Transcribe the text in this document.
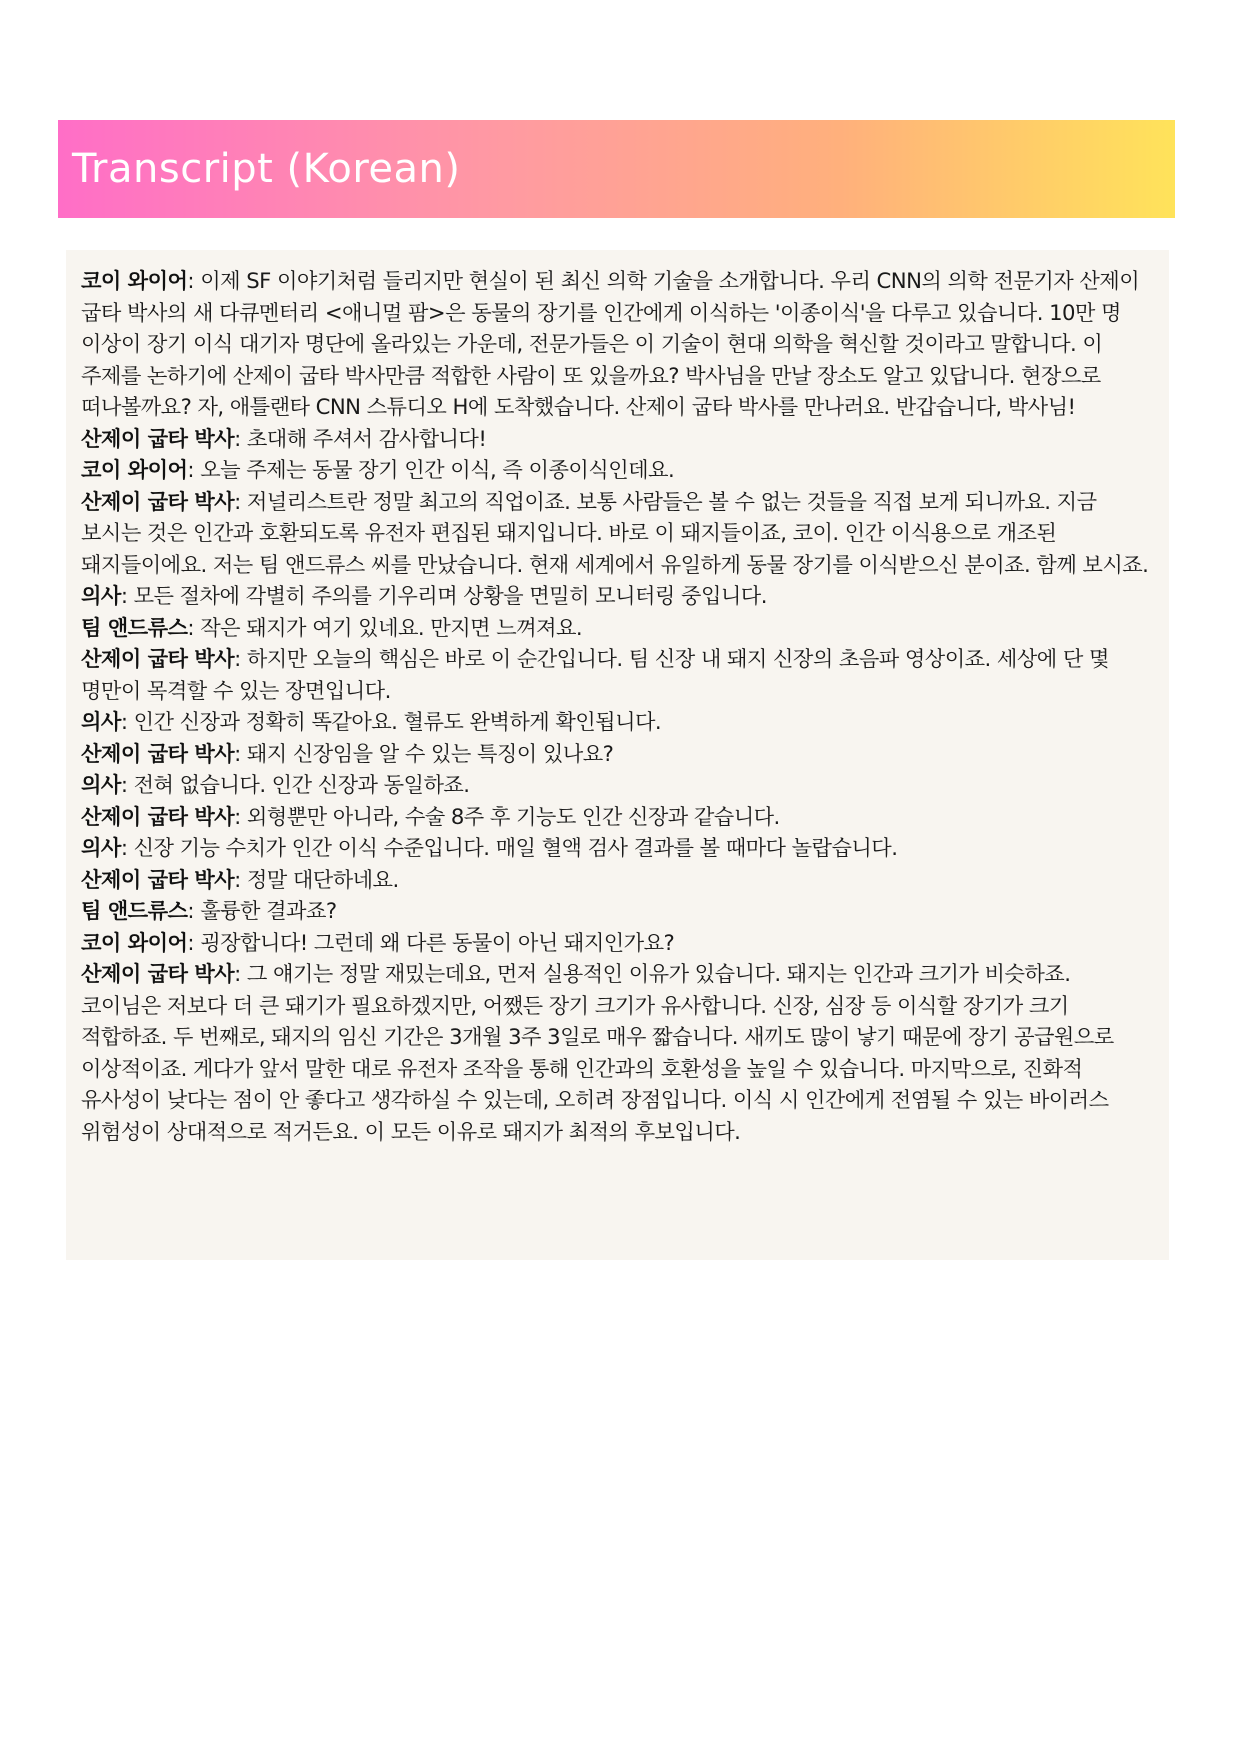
Transcript (Korean)

코이 와이어: 이제 SF 이야기처럼 들리지만 현실이 된 최신 의학 기술을 소개합니다. 우리 CNN의 의학 전문기자 산제이 굽타 박사의 새 다큐멘터리 <애니멀 팜>은 동물의 장기를 인간에게 이식하는 '이종이식'을 다루고 있습니다. 10만 명 이상이 장기 이식 대기자 명단에 올라있는 가운데, 전문가들은 이 기술이 현대 의학을 혁신할 것이라고 말합니다. 이 주제를 논하기에 산제이 굽타 박사만큼 적합한 사람이 또 있을까요? 박사님을 만날 장소도 알고 있답니다. 현장으로 떠나볼까요? 자, 애틀랜타 CNN 스튜디오 H에 도착했습니다. 산제이 굽타 박사를 만나러요. 반갑습니다, 박사님!

산제이 굽타 박사: 초대해 주셔서 감사합니다!

코이 와이어: 오늘 주제는 동물 장기 인간 이식, 즉 이종이식인데요.

산제이 굽타 박사: 저널리스트란 정말 최고의 직업이죠. 보통 사람들은 볼 수 없는 것들을 직접 보게 되니까요. 지금 보시는 것은 인간과 호환되도록 유전자 편집된 돼지입니다. 바로 이 돼지들이죠, 코이. 인간 이식용으로 개조된 돼지들이에요. 저는 팀 앤드류스 씨를 만났습니다. 현재 세계에서 유일하게 동물 장기를 이식받으신 분이죠. 함께 보시죠.

의사: 모든 절차에 각별히 주의를 기우리며 상황을 면밀히 모니터링 중입니다.

팀 앤드류스: 작은 돼지가 여기 있네요. 만지면 느껴져요.

산제이 굽타 박사: 하지만 오늘의 핵심은 바로 이 순간입니다. 팀 신장 내 돼지 신장의 초음파 영상이죠. 세상에 단 몇 명만이 목격할 수 있는 장면입니다.

의사: 인간 신장과 정확히 똑같아요. 혈류도 완벽하게 확인됩니다.

산제이 굽타 박사: 돼지 신장임을 알 수 있는 특징이 있나요?

의사: 전혀 없습니다. 인간 신장과 동일하죠.

산제이 굽타 박사: 외형뿐만 아니라, 수술 8주 후 기능도 인간 신장과 같습니다.

의사: 신장 기능 수치가 인간 이식 수준입니다. 매일 혈액 검사 결과를 볼 때마다 놀랍습니다.

산제이 굽타 박사: 정말 대단하네요.

팀 앤드류스: 훌륭한 결과죠?

코이 와이어: 굉장합니다! 그런데 왜 다른 동물이 아닌 돼지인가요?

산제이 굽타 박사: 그 얘기는 정말 재밌는데요, 먼저 실용적인 이유가 있습니다. 돼지는 인간과 크기가 비슷하죠. 코이님은 저보다 더 큰 돼기가 필요하겠지만, 어쨌든 장기 크기가 유사합니다. 신장, 심장 등 이식할 장기가 크기 적합하죠. 두 번째로, 돼지의 임신 기간은 3개월 3주 3일로 매우 짧습니다. 새끼도 많이 낳기 때문에 장기 공급원으로 이상적이죠. 게다가 앞서 말한 대로 유전자 조작을 통해 인간과의 호환성을 높일 수 있습니다. 마지막으로, 진화적 유사성이 낮다는 점이 안 좋다고 생각하실 수 있는데, 오히려 장점입니다. 이식 시 인간에게 전염될 수 있는 바이러스 위험성이 상대적으로 적거든요. 이 모든 이유로 돼지가 최적의 후보입니다.
